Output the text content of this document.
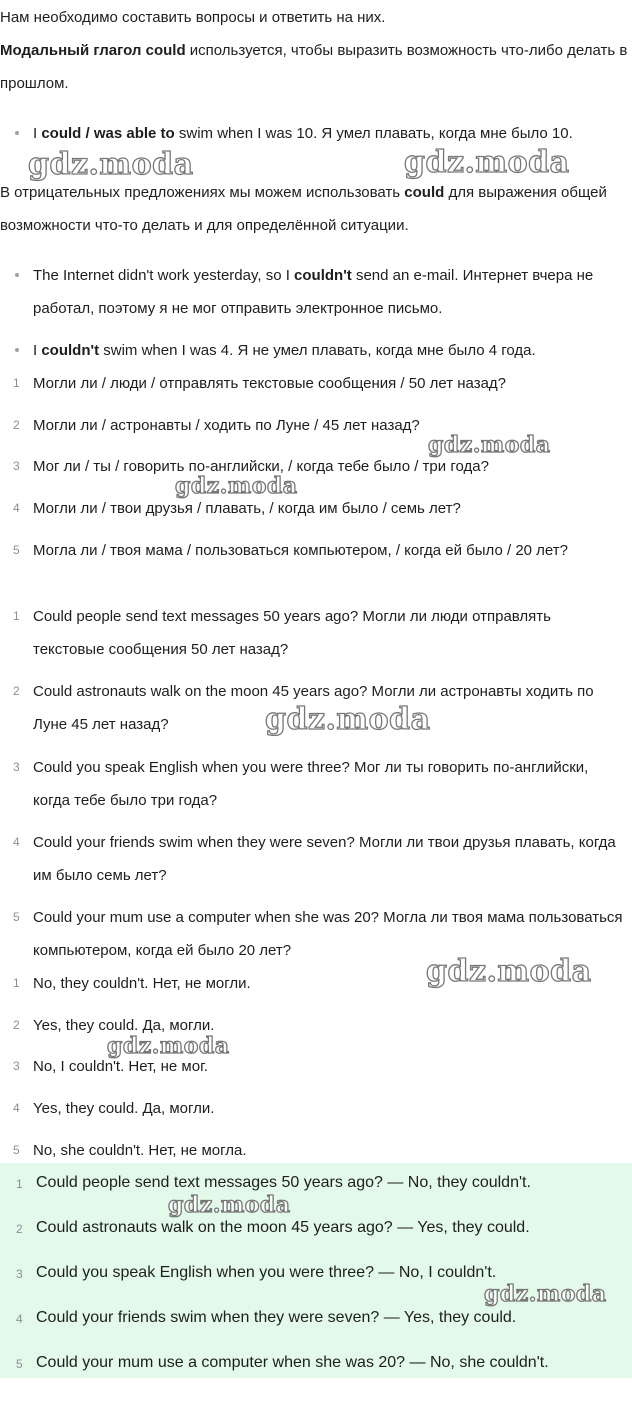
Нам необходимо составить вопросы и ответить на них.
Модальный глагол could используется, чтобы выразить возможность что-либо делать в прошлом.
I could / was able to swim when I was 10. Я умел плавать, когда мне было 10.
В отрицательных предложениях мы можем использовать could для выражения общей возможности что-то делать и для определённой ситуации.
The Internet didn't work yesterday, so I couldn't send an e-mail. Интернет вчера не работал, поэтому я не мог отправить электронное письмо.
I couldn't swim when I was 4. Я не умел плавать, когда мне было 4 года.
1 Могли ли / люди / отправлять текстовые сообщения / 50 лет назад?
2 Могли ли / астронавты / ходить по Луне / 45 лет назад?
3 Мог ли / ты / говорить по-английски, / когда тебе было / три года?
4 Могли ли / твои друзья / плавать, / когда им было / семь лет?
5 Могла ли / твоя мама / пользоваться компьютером, / когда ей было / 20 лет?
1 Could people send text messages 50 years ago? Могли ли люди отправлять текстовые сообщения 50 лет назад?
2 Could astronauts walk on the moon 45 years ago? Могли ли астронавты ходить по Луне 45 лет назад?
3 Could you speak English when you were three? Мог ли ты говорить по-английски, когда тебе было три года?
4 Could your friends swim when they were seven? Могли ли твои друзья плавать, когда им было семь лет?
5 Could your mum use a computer when she was 20? Могла ли твоя мама пользоваться компьютером, когда ей было 20 лет?
1 No, they couldn't. Нет, не могли.
2 Yes, they could. Да, могли.
3 No, I couldn't. Нет, не мог.
4 Yes, they could. Да, могли.
5 No, she couldn't. Нет, не могла.
1 Could people send text messages 50 years ago? — No, they couldn't.
2 Could astronauts walk on the moon 45 years ago? — Yes, they could.
3 Could you speak English when you were three? — No, I couldn't.
4 Could your friends swim when they were seven? — Yes, they could.
5 Could your mum use a computer when she was 20? — No, she couldn't.
gdz.moda	gdz.moda
gdz.moda
gdz.moda
gdz.moda
gdz.moda
gdz.moda
gdz.moda
gdz.moda
